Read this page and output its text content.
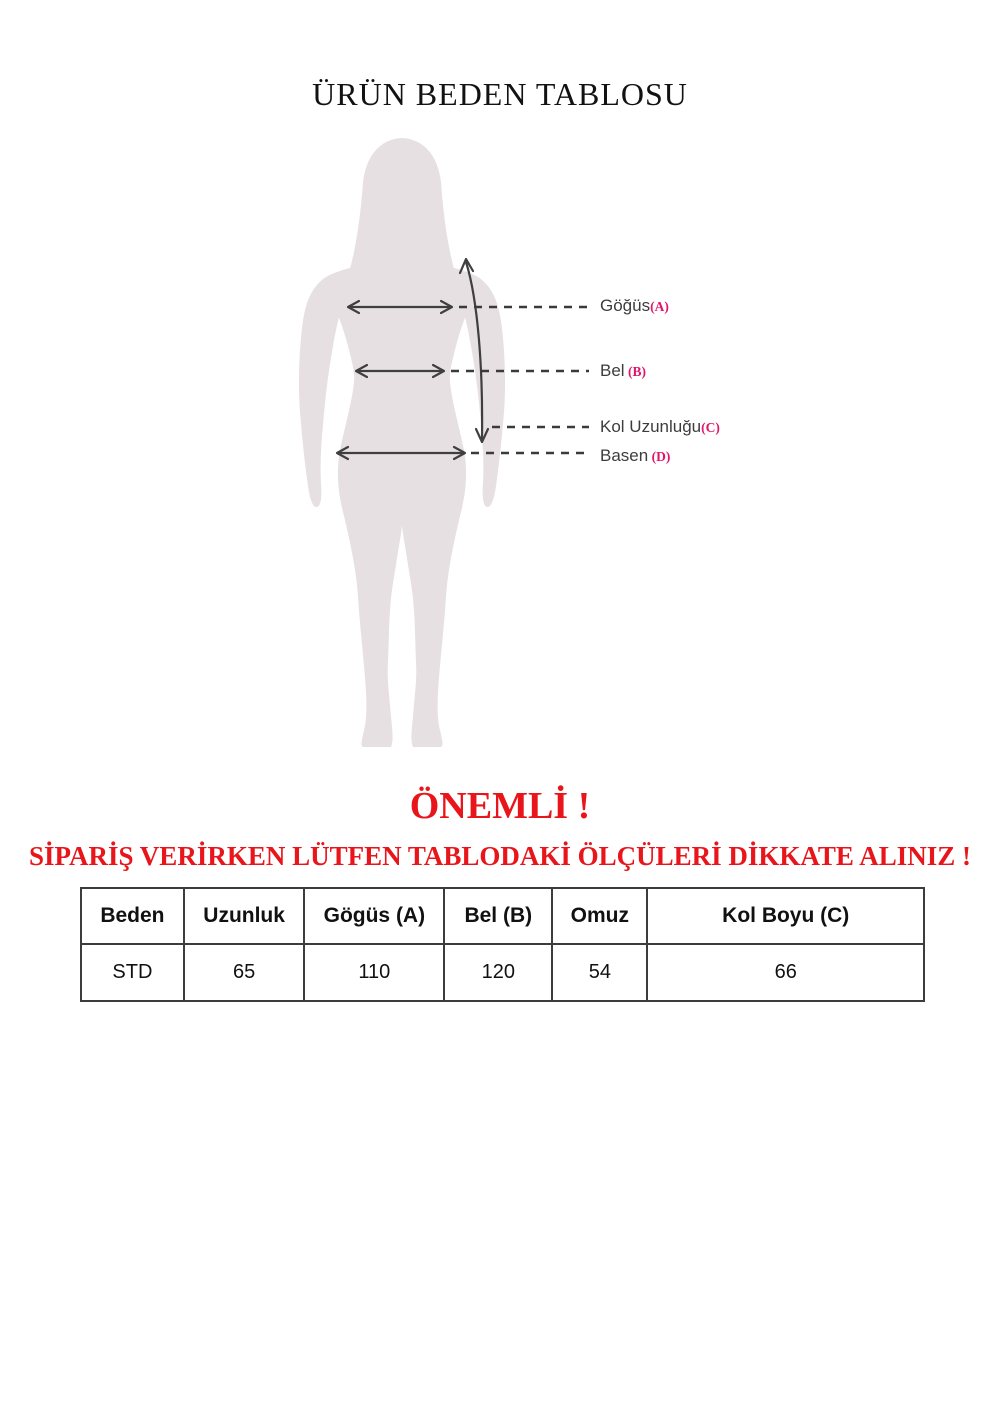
ÜRÜN BEDEN TABLOSU
Göğüs(A)
Bel (B)
Kol Uzunluğu(C)
Basen (D)
ÖNEMLİ !
SİPARİŞ VERİRKEN LÜTFEN TABLODAKİ ÖLÇÜLERİ DİKKATE ALINIZ !
Beden	Uzunluk	Gögüs (A)	Bel (B)	Omuz	Kol Boyu (C)
STD	65	110	120	54	66
